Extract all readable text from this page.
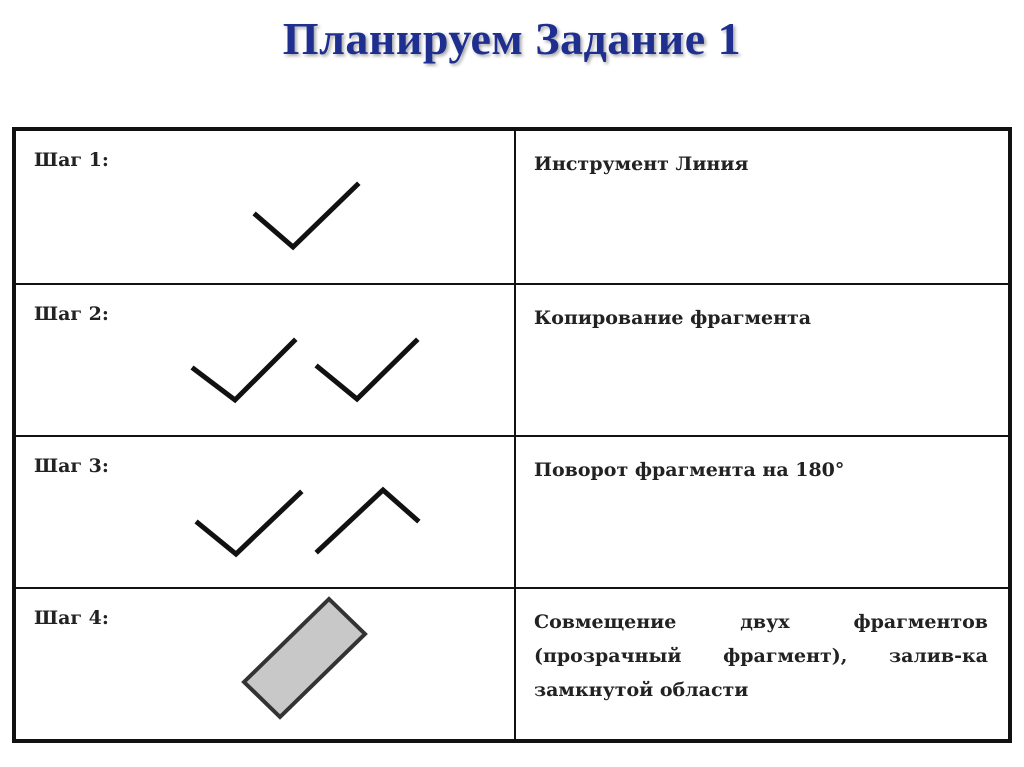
Планируем Задание 1
Шаг 1:	Инструмент Линия
Шаг 2:	Копирование фрагмента
Шаг 3:	Поворот фрагмента на 180°
Шаг 4:	Совмещение двух фрагментов (прозрачный фрагмент), залив-ка замкнутой области
